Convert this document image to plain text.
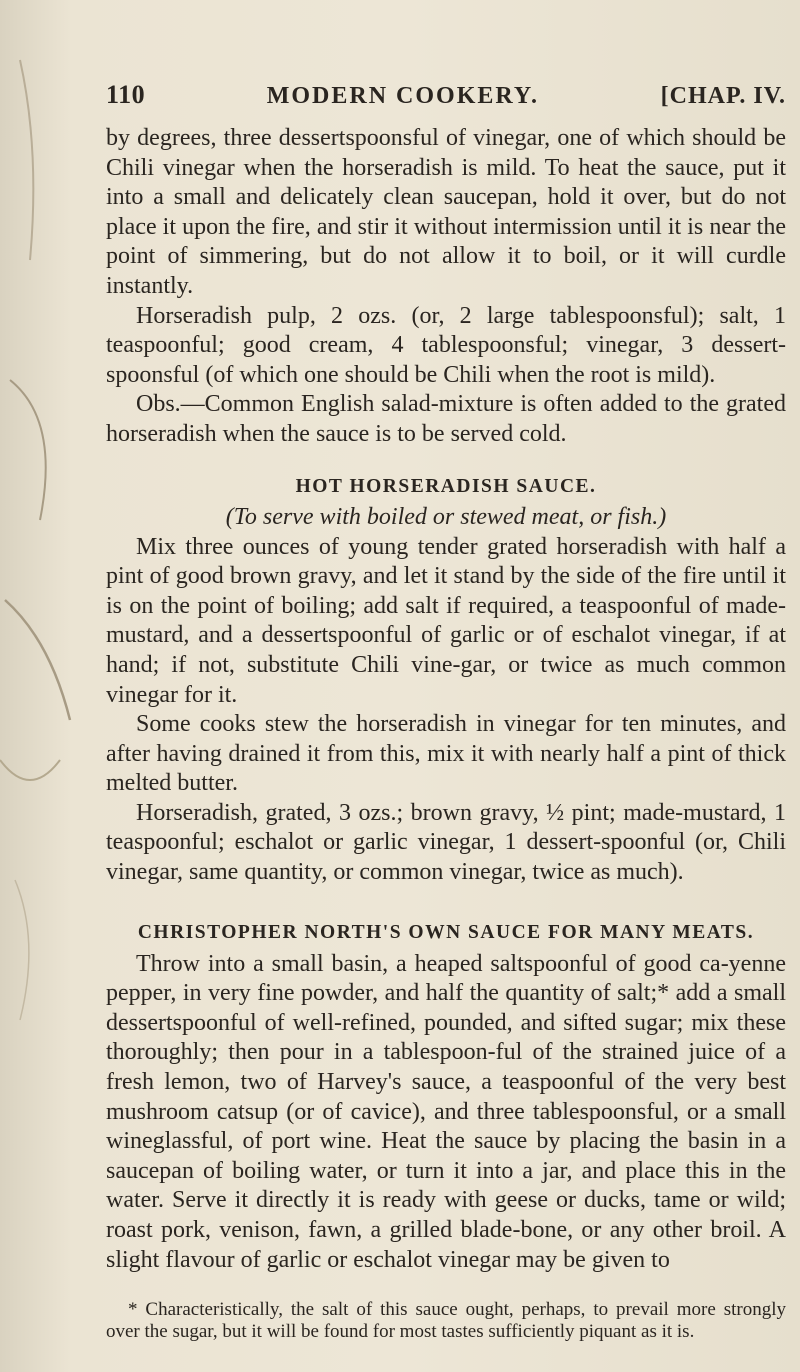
110	MODERN COOKERY.	[CHAP. IV.

by degrees, three dessertspoonsful of vinegar, one of which should be Chili vinegar when the horseradish is mild. To heat the sauce, put it into a small and delicately clean saucepan, hold it over, but do not place it upon the fire, and stir it without intermission until it is near the point of simmering, but do not allow it to boil, or it will curdle instantly.

Horseradish pulp, 2 ozs. (or, 2 large tablespoonsful); salt, 1 teaspoonful; good cream, 4 tablespoonsful; vinegar, 3 dessert-spoonsful (of which one should be Chili when the root is mild).

Obs.—Common English salad-mixture is often added to the grated horseradish when the sauce is to be served cold.

HOT HORSERADISH SAUCE.
(To serve with boiled or stewed meat, or fish.)

Mix three ounces of young tender grated horseradish with half a pint of good brown gravy, and let it stand by the side of the fire until it is on the point of boiling; add salt if required, a teaspoonful of made-mustard, and a dessertspoonful of garlic or of eschalot vinegar, if at hand; if not, substitute Chili vine-gar, or twice as much common vinegar for it.

Some cooks stew the horseradish in vinegar for ten minutes, and after having drained it from this, mix it with nearly half a pint of thick melted butter.

Horseradish, grated, 3 ozs.; brown gravy, ½ pint; made-mustard, 1 teaspoonful; eschalot or garlic vinegar, 1 dessert-spoonful (or, Chili vinegar, same quantity, or common vinegar, twice as much).

CHRISTOPHER NORTH'S OWN SAUCE FOR MANY MEATS.

Throw into a small basin, a heaped saltspoonful of good ca-yenne pepper, in very fine powder, and half the quantity of salt;* add a small dessertspoonful of well-refined, pounded, and sifted sugar; mix these thoroughly; then pour in a tablespoon-ful of the strained juice of a fresh lemon, two of Harvey's sauce, a teaspoonful of the very best mushroom catsup (or of cavice), and three tablespoonsful, or a small wineglassful, of port wine. Heat the sauce by placing the basin in a saucepan of boiling water, or turn it into a jar, and place this in the water. Serve it directly it is ready with geese or ducks, tame or wild; roast pork, venison, fawn, a grilled blade-bone, or any other broil. A slight flavour of garlic or eschalot vinegar may be given to

* Characteristically, the salt of this sauce ought, perhaps, to prevail more strongly over the sugar, but it will be found for most tastes sufficiently piquant as it is.
